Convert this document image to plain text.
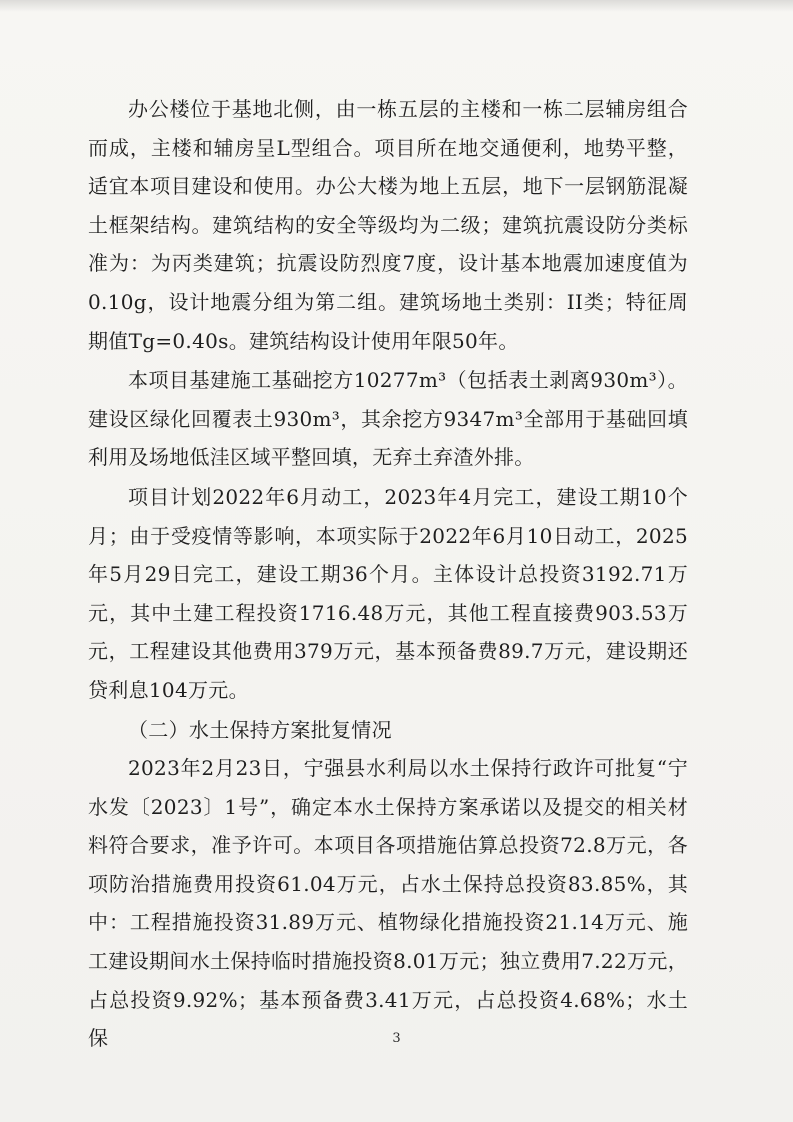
办公楼位于基地北侧，由一栋五层的主楼和一栋二层辅房组合而成，主楼和辅房呈L型组合。项目所在地交通便利，地势平整，适宜本项目建设和使用。办公大楼为地上五层，地下一层钢筋混凝土框架结构。建筑结构的安全等级均为二级；建筑抗震设防分类标准为：为丙类建筑；抗震设防烈度7度，设计基本地震加速度值为0.10g，设计地震分组为第二组。建筑场地土类别：II类；特征周期值Tg=0.40s。建筑结构设计使用年限50年。

本项目基建施工基础挖方10277m³（包括表土剥离930m³）。建设区绿化回覆表土930m³，其余挖方9347m³全部用于基础回填利用及场地低洼区域平整回填，无弃土弃渣外排。

项目计划2022年6月动工，2023年4月完工，建设工期10个月；由于受疫情等影响，本项实际于2022年6月10日动工，2025年5月29日完工，建设工期36个月。主体设计总投资3192.71万元，其中土建工程投资1716.48万元，其他工程直接费903.53万元，工程建设其他费用379万元，基本预备费89.7万元，建设期还贷利息104万元。

（二）水土保持方案批复情况

2023年2月23日，宁强县水利局以水土保持行政许可批复“宁水发〔2023〕1号”，确定本水土保持方案承诺以及提交的相关材料符合要求，准予许可。本项目各项措施估算总投资72.8万元，各项防治措施费用投资61.04万元，占水土保持总投资83.85%，其中：工程措施投资31.89万元、植物绿化措施投资21.14万元、施工建设期间水土保持临时措施投资8.01万元；独立费用7.22万元，占总投资9.92%；基本预备费3.41万元，占总投资4.68%；水土保	3
